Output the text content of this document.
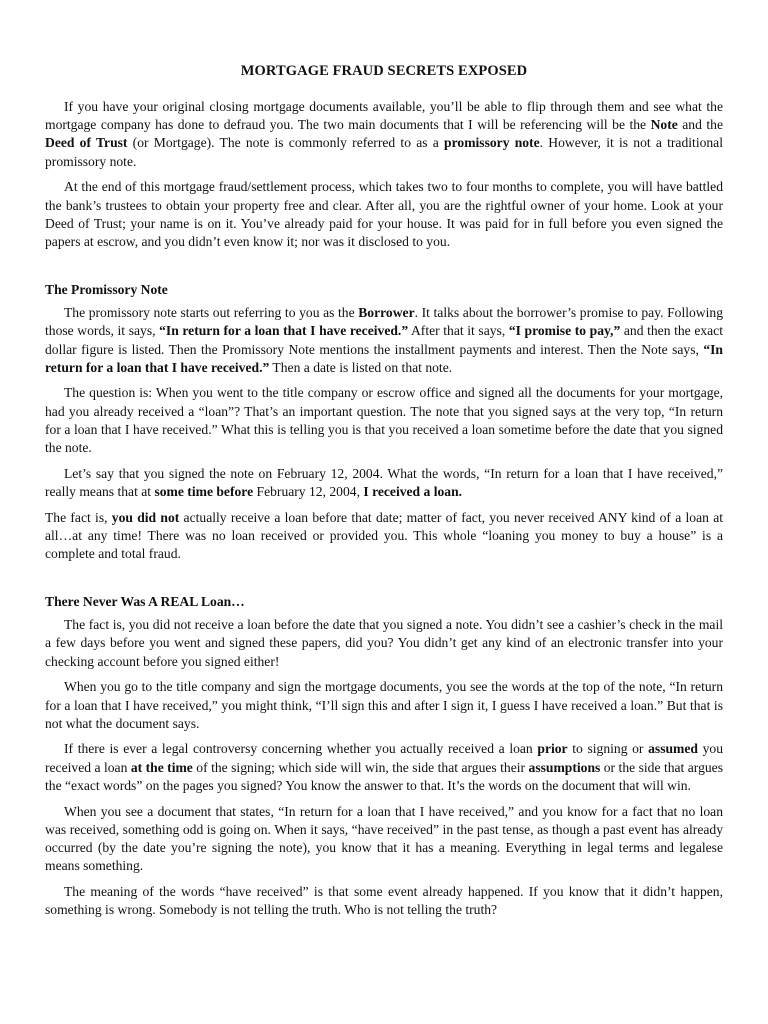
MORTGAGE FRAUD SECRETS EXPOSED

If you have your original closing mortgage documents available, you’ll be able to flip through them and see what the mortgage company has done to defraud you. The two main documents that I will be referencing will be the Note and the Deed of Trust (or Mortgage). The note is commonly referred to as a promissory note. However, it is not a traditional promissory note.

At the end of this mortgage fraud/settlement process, which takes two to four months to complete, you will have battled the bank’s trustees to obtain your property free and clear. After all, you are the rightful owner of your home. Look at your Deed of Trust; your name is on it. You’ve already paid for your house. It was paid for in full before you even signed the papers at escrow, and you didn’t even know it; nor was it disclosed to you.

The Promissory Note

The promissory note starts out referring to you as the Borrower. It talks about the borrower’s promise to pay. Following those words, it says, “In return for a loan that I have received.” After that it says, “I promise to pay,” and then the exact dollar figure is listed. Then the Promissory Note mentions the installment payments and interest. Then the Note says, “In return for a loan that I have received.” Then a date is listed on that note.

The question is: When you went to the title company or escrow office and signed all the documents for your mortgage, had you already received a “loan”? That’s an important question. The note that you signed says at the very top, “In return for a loan that I have received.” What this is telling you is that you received a loan sometime before the date that you signed the note.

Let’s say that you signed the note on February 12, 2004. What the words, “In return for a loan that I have received,” really means that at some time before February 12, 2004, I received a loan.

The fact is, you did not actually receive a loan before that date; matter of fact, you never received ANY kind of a loan at all…at any time! There was no loan received or provided you. This whole “loaning you money to buy a house” is a complete and total fraud.

There Never Was A REAL Loan…

The fact is, you did not receive a loan before the date that you signed a note. You didn’t see a cashier’s check in the mail a few days before you went and signed these papers, did you? You didn’t get any kind of an electronic transfer into your checking account before you signed either!

When you go to the title company and sign the mortgage documents, you see the words at the top of the note, “In return for a loan that I have received,” you might think, “I’ll sign this and after I sign it, I guess I have received a loan.” But that is not what the document says.

If there is ever a legal controversy concerning whether you actually received a loan prior to signing or assumed you received a loan at the time of the signing; which side will win, the side that argues their assumptions or the side that argues the “exact words” on the pages you signed? You know the answer to that. It’s the words on the document that will win.

When you see a document that states, “In return for a loan that I have received,” and you know for a fact that no loan was received, something odd is going on. When it says, “have received” in the past tense, as though a past event has already occurred (by the date you’re signing the note), you know that it has a meaning. Everything in legal terms and legalese means something.

The meaning of the words “have received” is that some event already happened. If you know that it didn’t happen, something is wrong. Somebody is not telling the truth. Who is not telling the truth?
